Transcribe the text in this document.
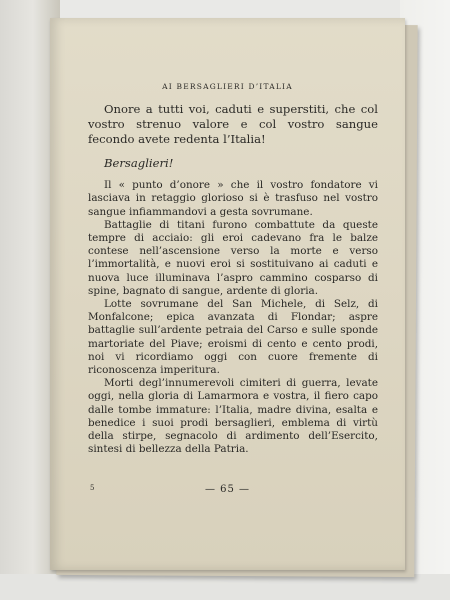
AI BERSAGLIERI D’ITALIA

Onore a tutti voi, caduti e superstiti, che col vostro strenuo valore e col vostro sangue fecondo avete redenta l’Italia!

Bersaglieri!

Il « punto d’onore » che il vostro fondatore vi lasciava in retaggio glorioso si è trasfuso nel vostro sangue infiammandovi a gesta sovrumane.

Battaglie di titani furono combattute da queste tempre di acciaio: gli eroi cadevano fra le balze contese nell’ascensione verso la morte e verso l’immortalità, e nuovi eroi si sostituivano ai caduti e nuova luce illuminava l’aspro cammino cosparso di spine, bagnato di sangue, ardente di gloria.

Lotte sovrumane del San Michele, di Selz, di Monfalcone; epica avanzata di Flondar; aspre battaglie sull’ardente petraia del Carso e sulle sponde martoriate del Piave; eroismi di cento e cento prodi, noi vi ricordiamo oggi con cuore fremente di riconoscenza imperitura.

Morti degl’innumerevoli cimiteri di guerra, levate oggi, nella gloria di Lamarmora e vostra, il fiero capo dalle tombe immature: l’Italia, madre divina, esalta e benedice i suoi prodi bersaglieri, emblema di virtù della stirpe, segnacolo di ardimento dell’Esercito, sintesi di bellezza della Patria.

5	— 65 —
